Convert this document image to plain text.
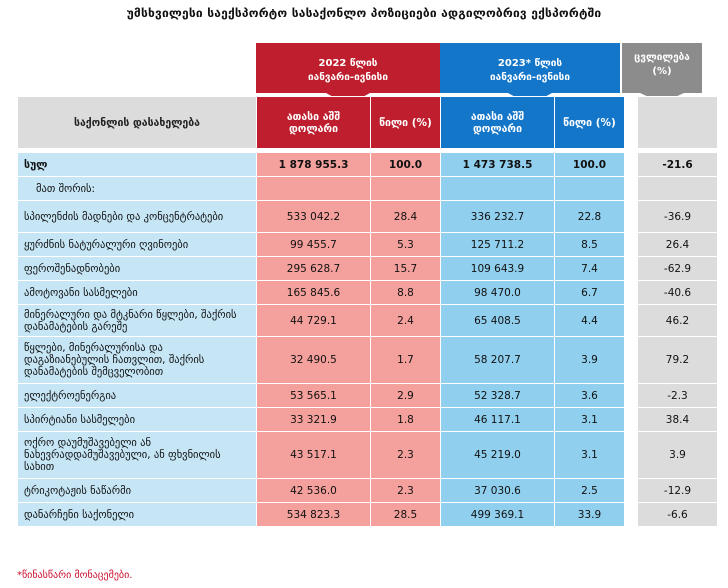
უმსხვილესი საექსპორტო სასაქონლო პოზიციები ადგილობრივ ექსპორტში
2022 წლის
იანვარი-ივნისი
2023* წლის
იანვარი-ივნისი
ცვლილება
(%)
საქონლის დასახელება	ათასი აშშ
დოლარი	წილი (%)	ათასი აშშ
დოლარი	წილი (%)		

სულ	1 878 955.3	100.0	1 473 738.5	100.0		-21.6
მათ შორის:						
სპილენძის მადნები და კონცენტრატები	533 042.2	28.4	336 232.7	22.8		-36.9
ყურძნის ნატურალური ღვინოები	99 455.7	5.3	125 711.2	8.5		26.4
ფეროშენადნობები	295 628.7	15.7	109 643.9	7.4		-62.9
ამოტოვანი სასმელები	165 845.6	8.8	98 470.0	6.7		-40.6
მინერალური და მტკნარი წყლები, შაქრის დანამატების გარეშე	44 729.1	2.4	65 408.5	4.4		46.2
წყლები, მინერალურისა და დაგაზიანებულის ჩათვლით, შაქრის დანამატების შემცველობით	32 490.5	1.7	58 207.7	3.9		79.2
ელექტროენერგია	53 565.1	2.9	52 328.7	3.6		-2.3
სპირტიანი სასმელები	33 321.9	1.8	46 117.1	3.1		38.4
ოქრო დაუმუშავებელი ან ნახევრადდამუშავებული, ან ფხვნილის სახით	43 517.1	2.3	45 219.0	3.1		3.9
ტრიკოტაჟის ნაწარმი	42 536.0	2.3	37 030.6	2.5		-12.9
დანარჩენი საქონელი	534 823.3	28.5	499 369.1	33.9		-6.6
*წინასწარი მონაცემები.
